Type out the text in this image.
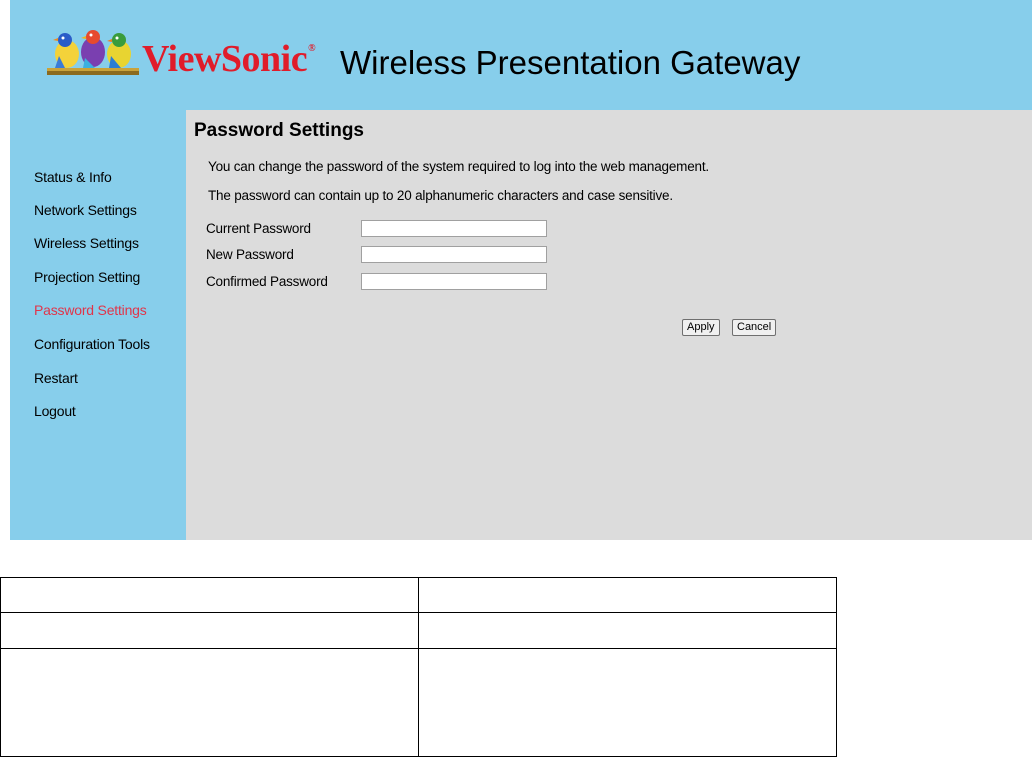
ViewSonic® Wireless Presentation Gateway
Status & Info
Network Settings
Wireless Settings
Projection Setting
Password Settings
Configuration Tools
Restart
Logout
Password Settings
You can change the password of the system required to log into the web management.
The password can contain up to 20 alphanumeric characters and case sensitive.
Current Password
New Password
Confirmed Password
Apply	Cancel
